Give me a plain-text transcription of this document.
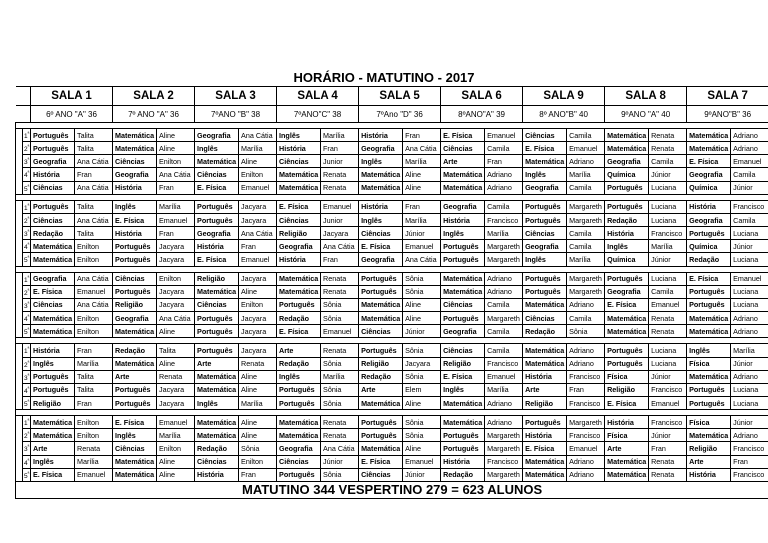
HORÁRIO - MATUTINO - 2017
		SALA 1		SALA 2		SALA 3		SALA 4		SALA 5		SALA 6		SALA 9		SALA 8		SALA 7	
		6º ANO "A" 36		7º ANO "A" 36		7ºANO "B" 38		7ºANO"C" 38		7ºAno "D" 36		8ºANO"A" 39		8º ANO"B" 40		9ºANO "A" 40		9ºANO"B" 36	

	$1^ª$	Português	Talita	Matemática	Aline	Geografia	Ana Cátia	Inglês	Marília	História	Fran	E. Física	Emanuel	Ciências	Camila	Matemática	Renata	Matemática	Adriano
	$2^ª$	Português	Talita	Matemática	Aline	Inglês	Marília	História	Fran	Geografia	Ana Cátia	Ciências	Camila	E. Física	Emanuel	Matemática	Renata	Matemática	Adriano
	$3^ª$	Geografia	Ana Cátia	Ciências	Enilton	Matemática	Aline	Ciências	Junior	Inglês	Marília	Arte	Fran	Matemática	Adriano	Geografia	Camila	E. Física	Emanuel
	$4^ª$	História	Fran	Geografia	Ana Cátia	Ciências	Enilton	Matemática	Renata	Matemática	Aline	Matemática	Adriano	Inglês	Marília	Química	Júnior	Geografia	Camila
	$5^ª$	Ciências	Ana Cátia	História	Fran	E. Física	Emanuel	Matemática	Renata	Matemática	Aline	Matemática	Adriano	Geografia	Camila	Português	Luciana	Química	Júnior

	$1^ª$	Português	Talita	Inglês	Marília	Português	Jacyara	E. Física	Emanuel	História	Fran	Geografia	Camila	Português	Margareth	Português	Luciana	História	Francisco
	$2^ª$	Ciências	Ana Cátia	E. Física	Emanuel	Português	Jacyara	Ciências	Junior	Inglês	Marília	História	Francisco	Português	Margareth	Redação	Luciana	Geografia	Camila
	$3^ª$	Redação	Talita	História	Fran	Geografia	Ana Cátia	Religião	Jacyara	Ciências	Júnior	Inglês	Marília	Ciências	Camila	História	Francisco	Português	Luciana
	$4^ª$	Matemática	Enilton	Português	Jacyara	História	Fran	Geografia	Ana Cátia	E. Física	Emanuel	Português	Margareth	Geografia	Camila	Inglês	Marília	Química	Júnior
	$5^ª$	Matemática	Enilton	Português	Jacyara	E. Física	Emanuel	História	Fran	Geografia	Ana Cátia	Português	Margareth	Inglês	Marília	Química	Júnior	Redação	Luciana

	$1^ª$	Geografia	Ana Cátia	Ciências	Enilton	Religião	Jacyara	Matemática	Renata	Português	Sônia	Matemática	Adriano	Português	Margareth	Português	Luciana	E. Física	Emanuel
	$2^ª$	E. Física	Emanuel	Português	Jacyara	Matemática	Aline	Matemática	Renata	Português	Sônia	Matemática	Adriano	Português	Margareth	Geografia	Camila	Português	Luciana
	$3^ª$	Ciências	Ana Cátia	Religião	Jacyara	Ciências	Enilton	Português	Sônia	Matemática	Aline	Ciências	Camila	Matemática	Adriano	E. Física	Emanuel	Português	Luciana
	$4^ª$	Matemática	Enilton	Geografia	Ana Cátia	Português	Jacyara	Redação	Sônia	Matemática	Aline	Português	Margareth	Ciências	Camila	Matemática	Renata	Matemática	Adriano
	$5^ª$	Matemática	Enilton	Matemática	Aline	Português	Jacyara	E. Física	Emanuel	Ciências	Júnior	Geografia	Camila	Redação	Sônia	Matemática	Renata	Matemática	Adriano

	$1^ª$	História	Fran	Redação	Talita	Português	Jacyara	Arte	Renata	Português	Sônia	Ciências	Camila	Matemática	Adriano	Português	Luciana	Inglês	Marília
	$2^ª$	Inglês	Marília	Matemática	Aline	Arte	Renata	Redação	Sônia	Religião	Jacyara	Religião	Francisco	Matemática	Adriano	Português	Luciana	Física	Júnior
	$3^ª$	Português	Talita	Arte	Renata	Matemática	Aline	Inglês	Marília	Redação	Sônia	E. Física	Emanuel	História	Francisco	Física	Júnior	Matemática	Adriano
	$4^ª$	Português	Talita	Português	Jacyara	Matemática	Aline	Português	Sônia	Arte	Elem	Inglês	Marília	Arte	Fran	Religião	Francisco	Português	Luciana
	$5^ª$	Religião	Fran	Português	Jacyara	Inglês	Marília	Português	Sônia	Matemática	Aline	Matemática	Adriano	Religião	Francisco	E. Física	Emanuel	Português	Luciana

	$1^ª$	Matemática	Enilton	E. Física	Emanuel	Matemática	Aline	Matemática	Renata	Português	Sônia	Matemática	Adriano	Português	Margareth	História	Francisco	Física	Júnior
	$2^ª$	Matemática	Enilton	Inglês	Marília	Matemática	Aline	Matemática	Renata	Português	Sônia	Português	Margareth	História	Francisco	Física	Júnior	Matemática	Adriano
	$3^ª$	Arte	Renata	Ciências	Enilton	Redação	Sônia	Geografia	Ana Cátia	Matemática	Aline	Português	Margareth	E. Física	Emanuel	Arte	Fran	Religião	Francisco
	$4^ª$	Inglês	Marília	Matemática	Aline	Ciências	Enilton	Ciências	Júnior	E. Física	Emanuel	História	Francisco	Matemática	Adriano	Matemática	Renata	Arte	Fran
	$5^ª$	E. Física	Emanuel	Matemática	Aline	História	Fran	Português	Sônia	Ciências	Júnior	Redação	Margareth	Matemática	Adriano	Matemática	Renata	História	Francisco
MATUTINO 344 VESPERTINO 279 = 623 ALUNOS																			
